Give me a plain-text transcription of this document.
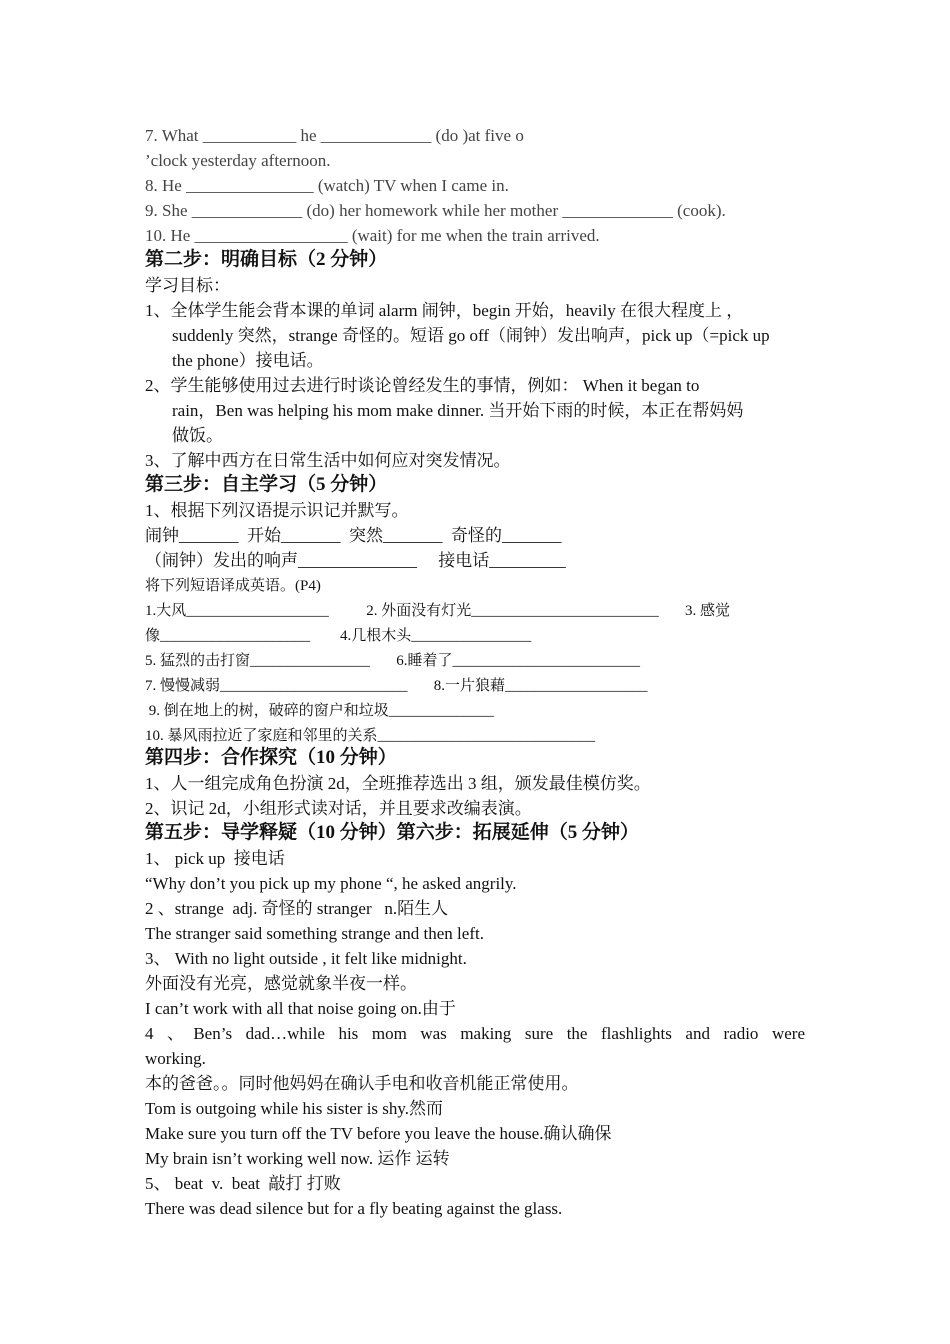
7. What ___________ he _____________ (do )at five o
’clock yesterday afternoon.
8. He _______________ (watch) TV when I came in.
9. She _____________ (do) her homework while her mother _____________ (cook).
10. He __________________ (wait) for me when the train arrived.
第二步：明确目标（2 分钟）
学习目标：
1、全体学生能会背本课的单词 alarm 闹钟，begin 开始，heavily 在很大程度上 ，
suddenly 突然，strange 奇怪的。短语 go off（闹钟）发出响声，pick up（=pick up
the phone）接电话。
2、学生能够使用过去进行时谈论曾经发生的事情，例如： When it began to
rain，Ben was helping his mom make dinner. 当开始下雨的时候，本正在帮妈妈
做饭。
3、了解中西方在日常生活中如何应对突发情况。
第三步：自主学习（5 分钟）
1、根据下列汉语提示识记并默写。
闹钟_______  开始_______  突然_______  奇怪的_______
（闹钟）发出的响声______________     接电话_________
将下列短语译成英语。(P4)
1.大风___________________          2. 外面没有灯光_________________________       3. 感觉
像____________________        4.几根木头________________
5. 猛烈的击打窗________________       6.睡着了_________________________
7. 慢慢减弱_________________________       8.一片狼藉___________________
9. 倒在地上的树，破碎的窗户和垃圾______________
10. 暴风雨拉近了家庭和邻里的关系_____________________________
第四步：合作探究（10 分钟）
1、人一组完成角色扮演 2d，全班推荐选出 3 组，颁发最佳模仿奖。
2、识记 2d，小组形式读对话，并且要求改编表演。
第五步：导学释疑（10 分钟）第六步：拓展延伸（5 分钟）
1、 pick up  接电话
“Why don’t you pick up my phone “, he asked angrily.
2 、strange  adj. 奇怪的 stranger   n.陌生人
The stranger said something strange and then left.
3、 With no light outside , it felt like midnight.
外面没有光亮，感觉就象半夜一样。
I can’t work with all that noise going on.由于
4 、Ben’s dad…while his mom was making sure the flashlights and radio were
working.
本的爸爸。。同时他妈妈在确认手电和收音机能正常使用。
Tom is outgoing while his sister is shy.然而
Make sure you turn off the TV before you leave the house.确认确保
My brain isn’t working well now. 运作 运转
5、 beat  v.  beat  敲打 打败
There was dead silence but for a fly beating against the glass.
